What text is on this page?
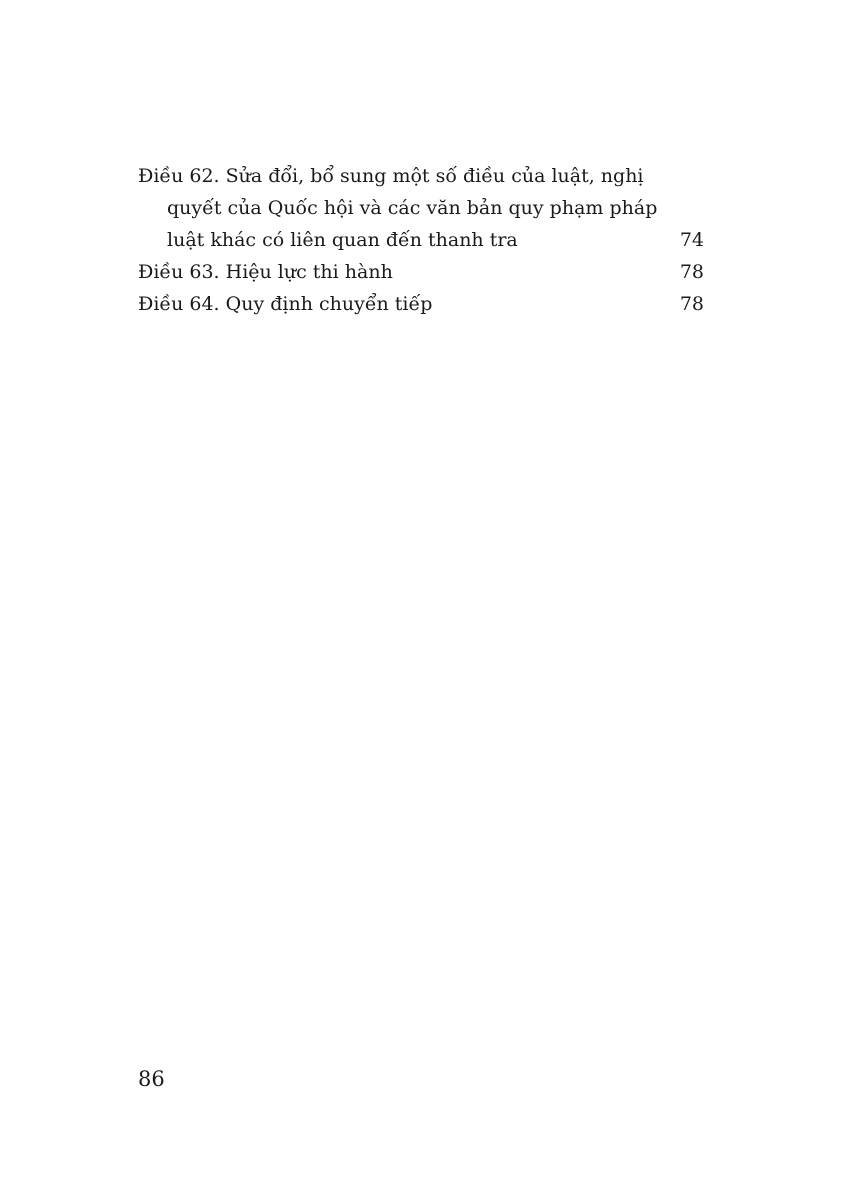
Điều 62. Sửa đổi, bổ sung một số điều của luật, nghị
quyết của Quốc hội và các văn bản quy phạm pháp
luật khác có liên quan đến thanh tra	74
Điều 63. Hiệu lực thi hành	78
Điều 64. Quy định chuyển tiếp	78
86
